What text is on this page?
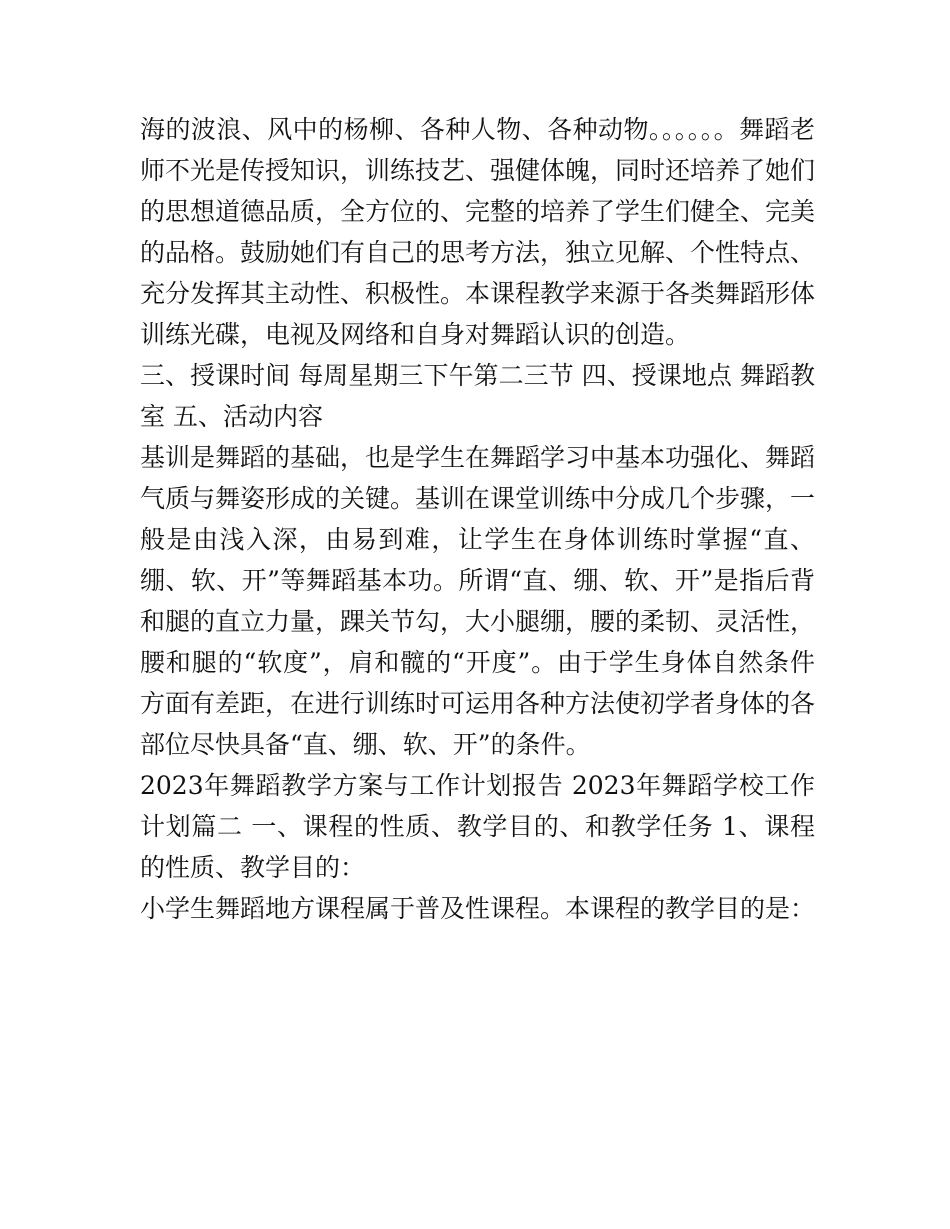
海的波浪、风中的杨柳、各种人物、各种动物。。。。。。舞蹈老师不光是传授知识，训练技艺、强健体魄，同时还培养了她们的思想道德品质，全方位的、完整的培养了学生们健全、完美的品格。鼓励她们有自己的思考方法，独立见解、个性特点、充分发挥其主动性、积极性。本课程教学来源于各类舞蹈形体训练光碟，电视及网络和自身对舞蹈认识的创造。

三、授课时间 每周星期三下午第二三节 四、授课地点 舞蹈教室 五、活动内容

基训是舞蹈的基础，也是学生在舞蹈学习中基本功强化、舞蹈气质与舞姿形成的关键。基训在课堂训练中分成几个步骤，一般是由浅入深，由易到难，让学生在身体训练时掌握“直、绷、软、开”等舞蹈基本功。所谓“直、绷、软、开”是指后背和腿的直立力量，踝关节勾，大小腿绷，腰的柔韧、灵活性，腰和腿的“软度”，肩和髋的“开度”。由于学生身体自然条件方面有差距，在进行训练时可运用各种方法使初学者身体的各部位尽快具备“直、绷、软、开”的条件。

2023年舞蹈教学方案与工作计划报告 2023年舞蹈学校工作计划篇二 一、课程的性质、教学目的、和教学任务 1、课程的性质、教学目的：

小学生舞蹈地方课程属于普及性课程。本课程的教学目的是：
